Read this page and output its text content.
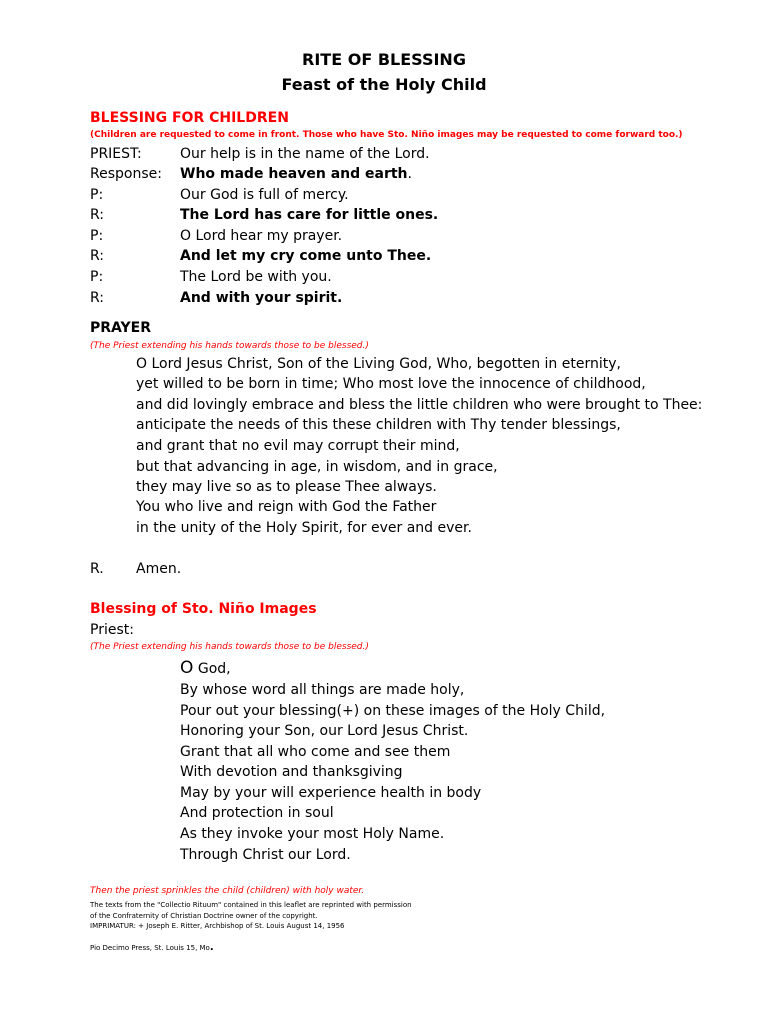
RITE OF BLESSING
Feast of the Holy Child
BLESSING FOR CHILDREN
(Children are requested to come in front. Those who have Sto. Niño images may be requested to come forward too.)
PRIEST:	Our help is in the name of the Lord.
Response: Who made heaven and earth.
P:	Our God is full of mercy.
R:	The Lord has care for little ones.
P:	O Lord hear my prayer.
R:	And let my cry come unto Thee.
P:	The Lord be with you.
R:	And with your spirit.
PRAYER
(The Priest extending his hands towards those to be blessed.)
O Lord Jesus Christ, Son of the Living God, Who, begotten in eternity,
yet willed to be born in time; Who most love the innocence of childhood,
and did lovingly embrace and bless the little children who were brought to Thee:
anticipate the needs of this these children with Thy tender blessings,
and grant that no evil may corrupt their mind,
but that advancing in age, in wisdom, and in grace,
they may live so as to please Thee always.
You who live and reign with God the Father
in the unity of the Holy Spirit, for ever and ever.
R. Amen.
Blessing of Sto. Niño Images
Priest:
(The Priest extending his hands towards those to be blessed.)
O God,
By whose word all things are made holy,
Pour out your blessing(+) on these images of the Holy Child,
Honoring your Son, our Lord Jesus Christ.
Grant that all who come and see them
With devotion and thanksgiving
May by your will experience health in body
And protection in soul
As they invoke your most Holy Name.
Through Christ our Lord.
Then the priest sprinkles the child (children) with holy water.
The texts from the "Collectio Rituum" contained in this leaflet are reprinted with permission
of the Confraternity of Christian Doctrine owner of the copyright.
IMPRIMATUR: + Joseph E. Ritter, Archbishop of St. Louis August 14, 1956
Pio Decimo Press, St. Louis 15, Mo.
